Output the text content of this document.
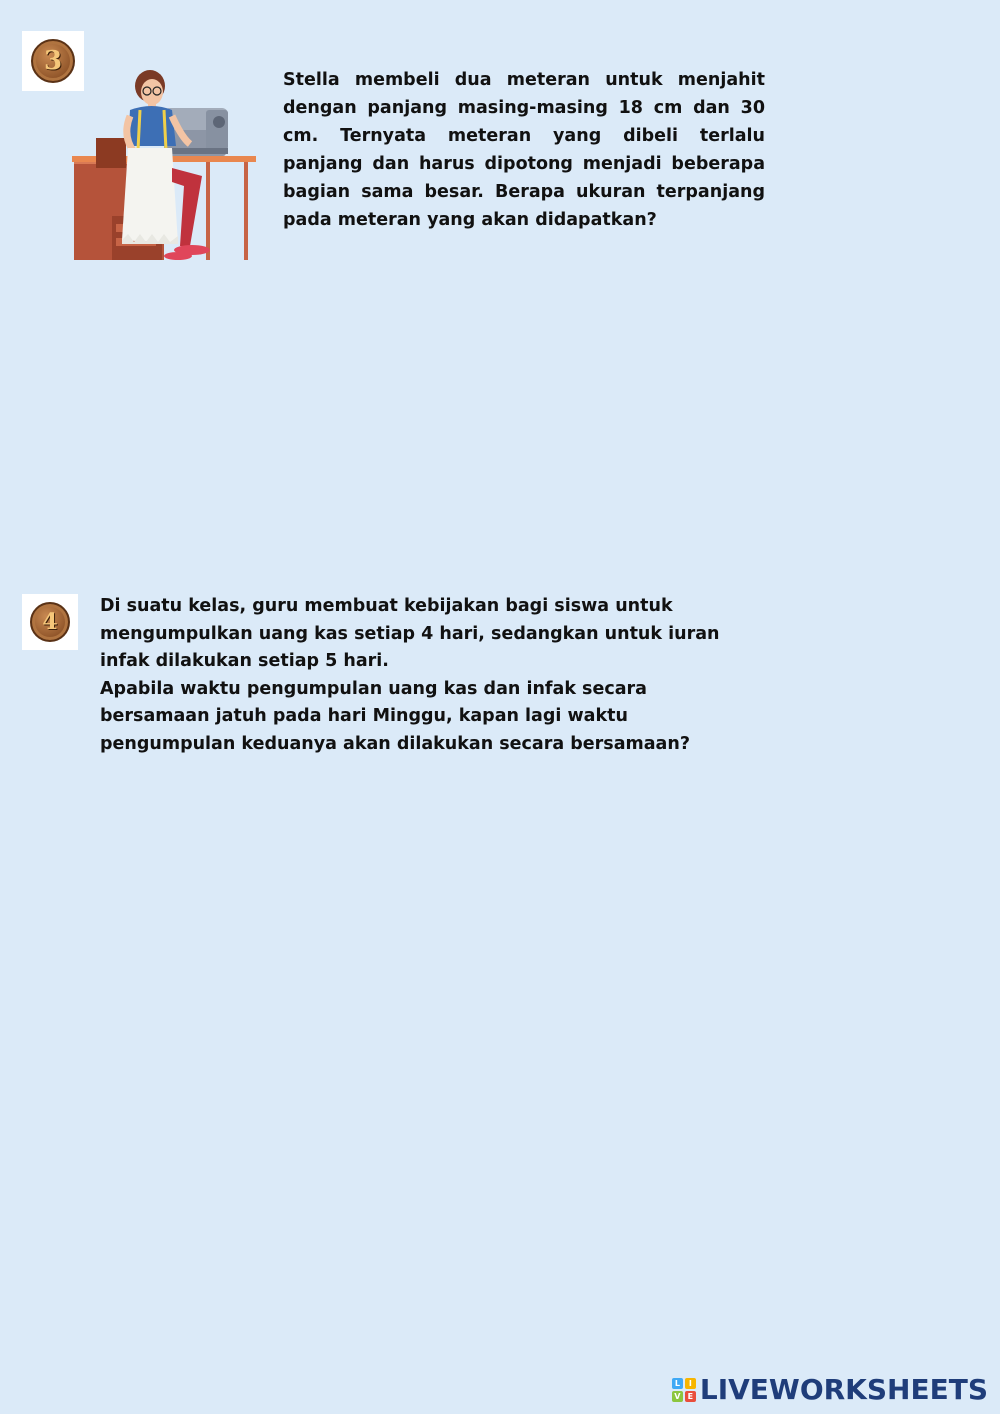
3

Stella membeli dua meteran untuk menjahit dengan panjang masing-masing 18 cm dan 30 cm. Ternyata meteran yang dibeli terlalu panjang dan harus dipotong menjadi beberapa bagian sama besar. Berapa ukuran terpanjang pada meteran yang akan didapatkan?

4

Di suatu kelas, guru membuat kebijakan bagi siswa untuk mengumpulkan uang kas setiap 4 hari, sedangkan untuk iuran infak dilakukan setiap 5 hari.

Apabila waktu pengumpulan uang kas dan infak secara bersamaan jatuh pada hari Minggu, kapan lagi waktu pengumpulan keduanya akan dilakukan secara bersamaan?

L	I
V E LIVEWORKSHEETS
